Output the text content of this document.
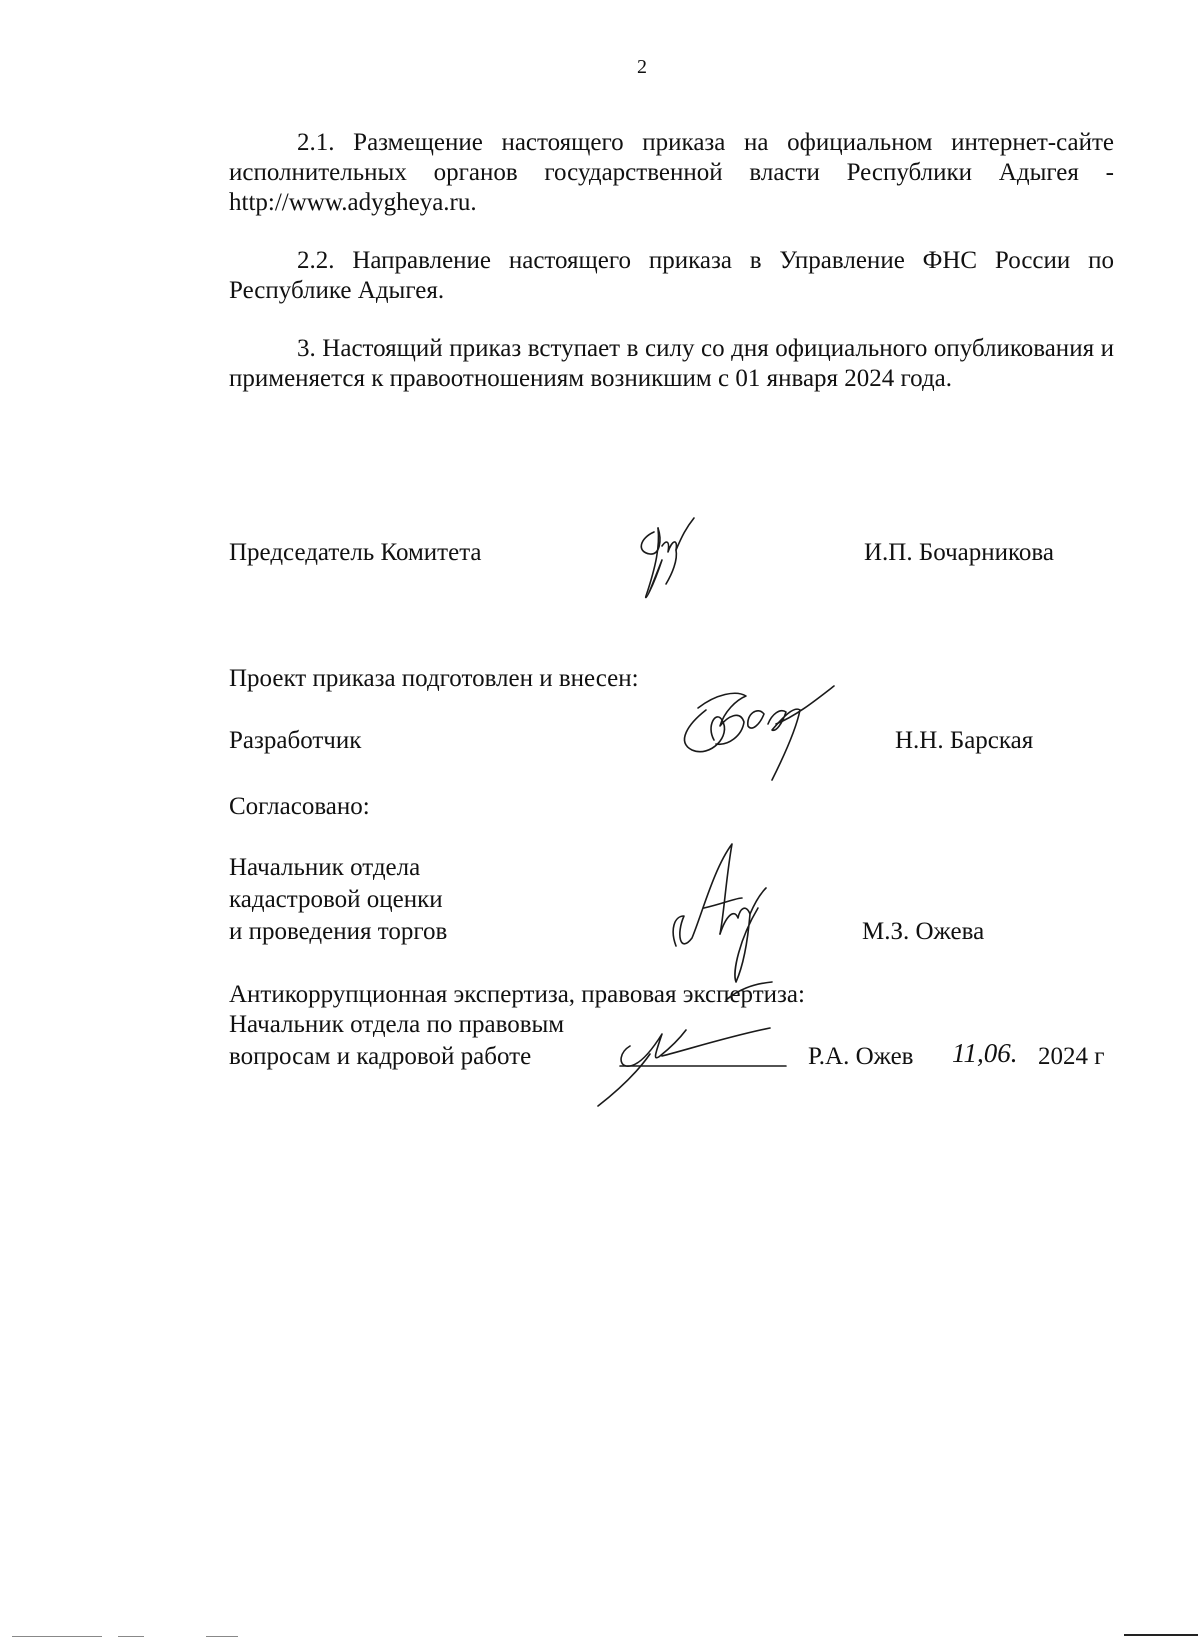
2
2.1. Размещение настоящего приказа на официальном интернет-сайте исполнительных органов государственной власти Республики Адыгея - http://www.adygheya.ru.
2.2. Направление настоящего приказа в Управление ФНС России по Республике Адыгея.
3. Настоящий приказ вступает в силу со дня официального опубликования и применяется к правоотношениям возникшим с 01 января 2024 года.
Председатель Комитета	И.П. Бочарникова
Проект приказа подготовлен и внесен:
Разработчик	Н.Н. Барская
Согласовано:
Начальник отдела
кадастровой оценки
и проведения торгов	М.З. Ожева
Антикоррупционная экспертиза, правовая экспертиза:
Начальник отдела по правовым
вопросам и кадровой работе	Р.А. Ожев 11,06. 2024 г
